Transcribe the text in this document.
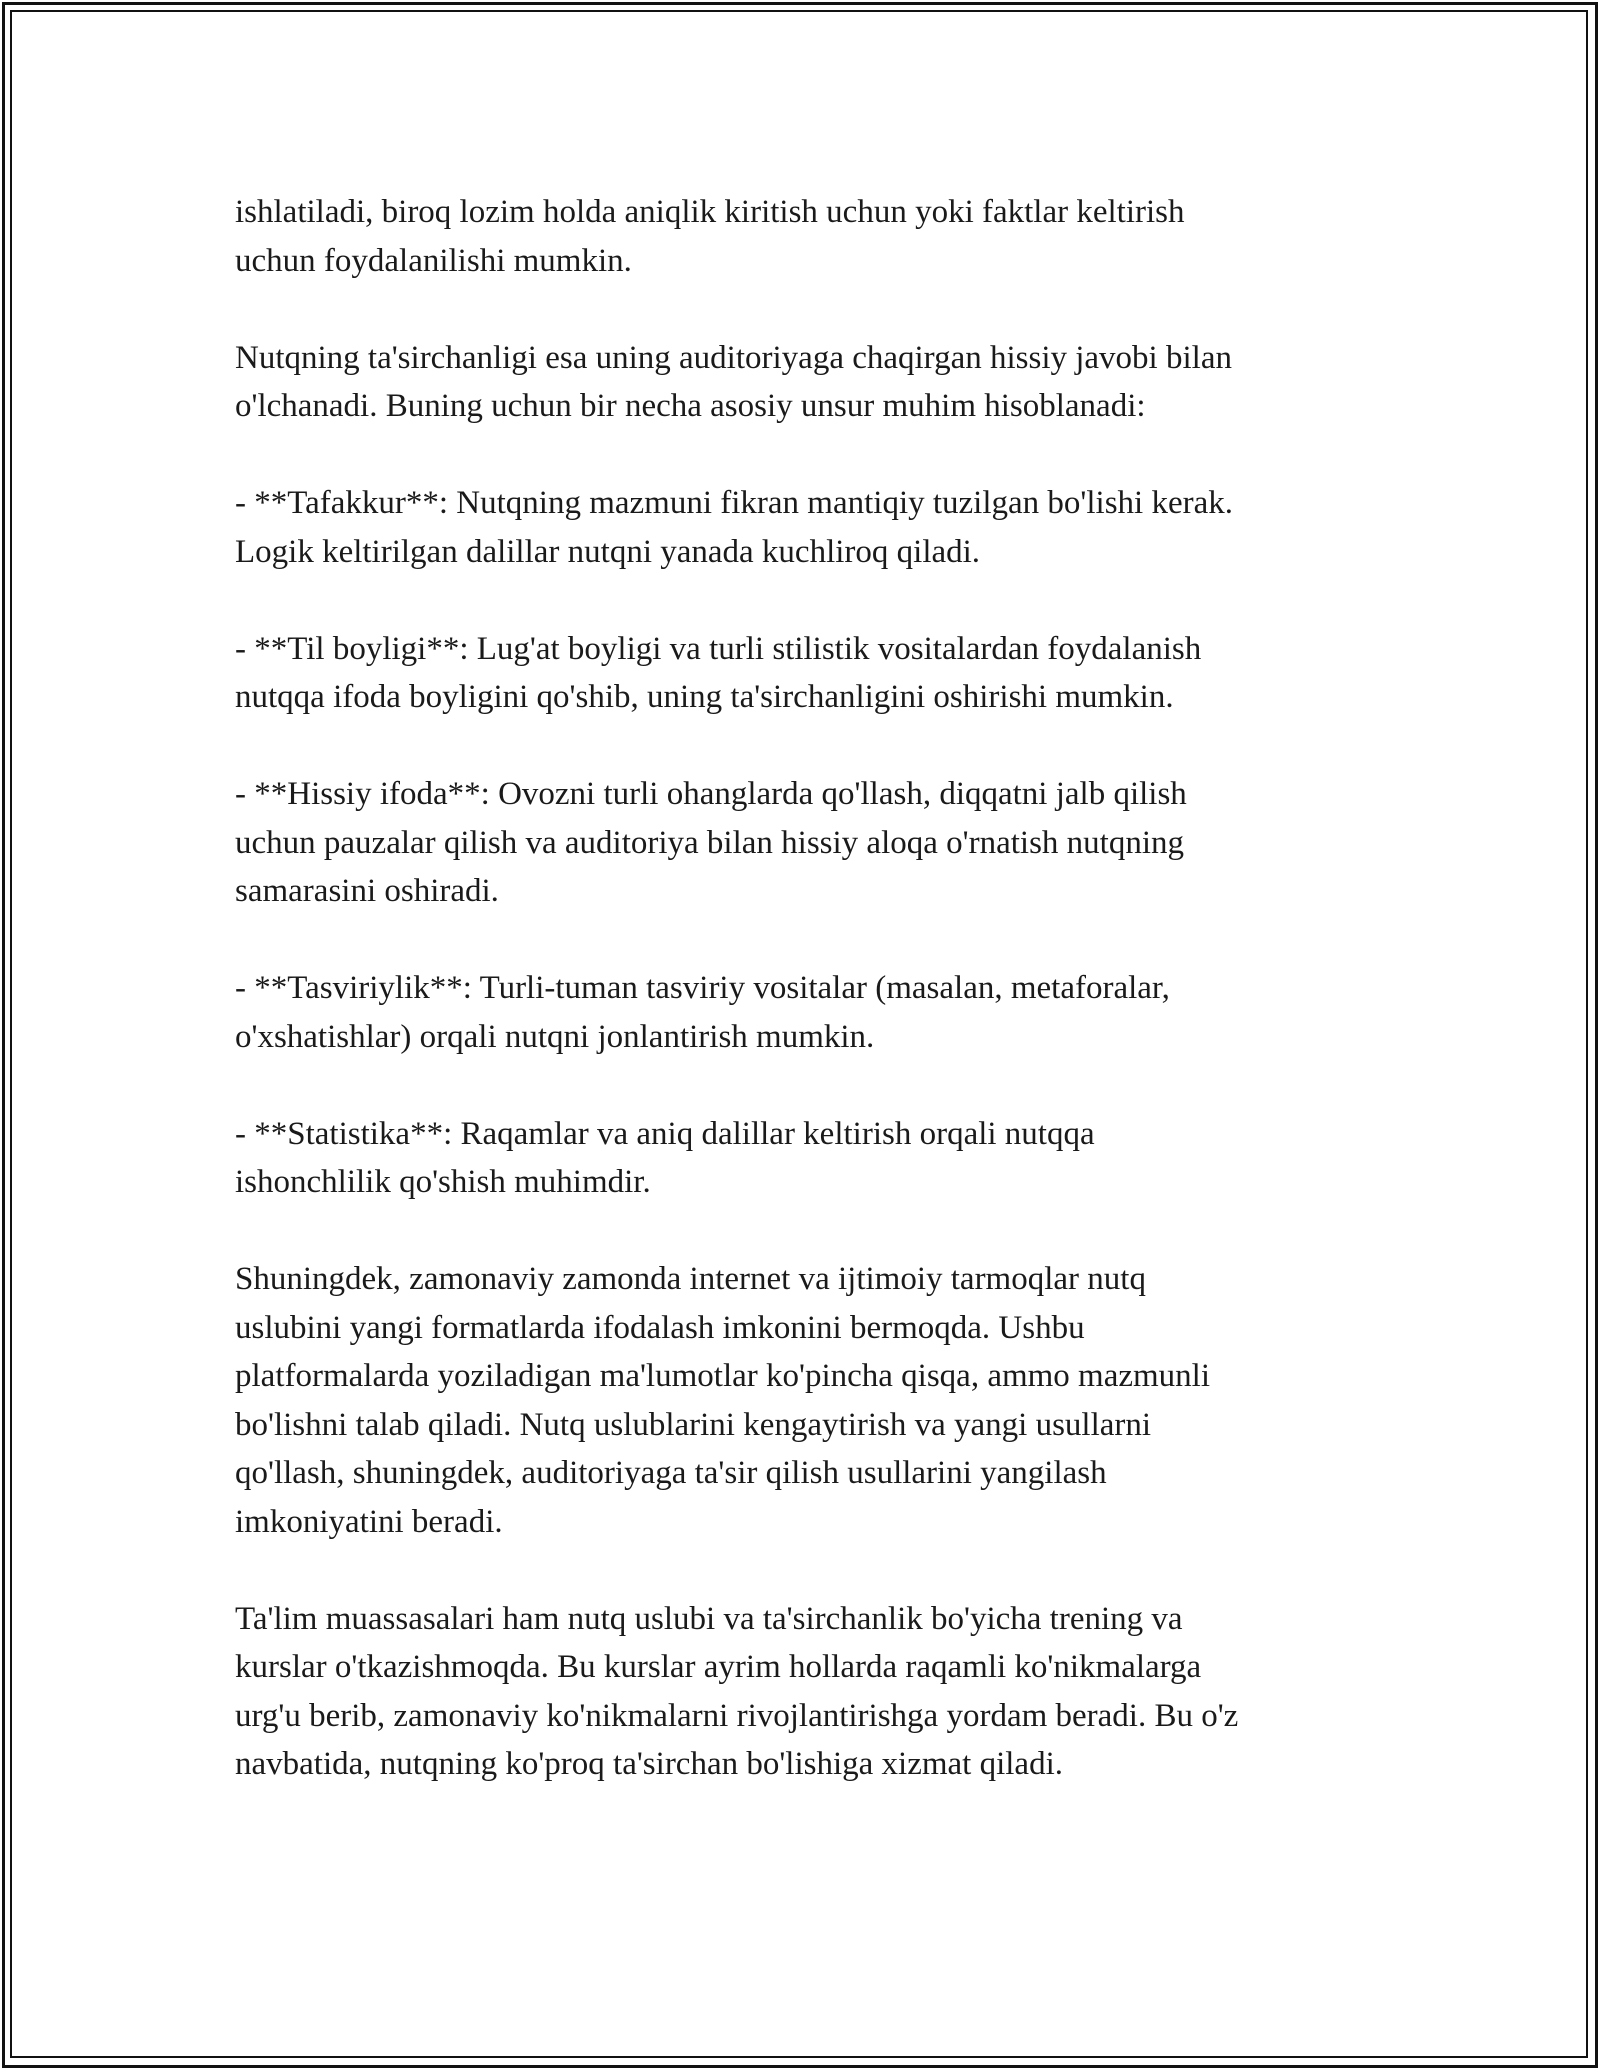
ishlatiladi, biroq lozim holda aniqlik kiritish uchun yoki faktlar keltirish
uchun foydalanilishi mumkin.

Nutqning ta'sirchanligi esa uning auditoriyaga chaqirgan hissiy javobi bilan
o'lchanadi. Buning uchun bir necha asosiy unsur muhim hisoblanadi:

- **Tafakkur**: Nutqning mazmuni fikran mantiqiy tuzilgan bo'lishi kerak.
Logik keltirilgan dalillar nutqni yanada kuchliroq qiladi.

- **Til boyligi**: Lug'at boyligi va turli stilistik vositalardan foydalanish
nutqqa ifoda boyligini qo'shib, uning ta'sirchanligini oshirishi mumkin.

- **Hissiy ifoda**: Ovozni turli ohanglarda qo'llash, diqqatni jalb qilish
uchun pauzalar qilish va auditoriya bilan hissiy aloqa o'rnatish nutqning
samarasini oshiradi.

- **Tasviriylik**: Turli-tuman tasviriy vositalar (masalan, metaforalar,
o'xshatishlar) orqali nutqni jonlantirish mumkin.

- **Statistika**: Raqamlar va aniq dalillar keltirish orqali nutqqa
ishonchlilik qo'shish muhimdir.

Shuningdek, zamonaviy zamonda internet va ijtimoiy tarmoqlar nutq
uslubini yangi formatlarda ifodalash imkonini bermoqda. Ushbu
platformalarda yoziladigan ma'lumotlar ko'pincha qisqa, ammo mazmunli
bo'lishni talab qiladi. Nutq uslublarini kengaytirish va yangi usullarni
qo'llash, shuningdek, auditoriyaga ta'sir qilish usullarini yangilash
imkoniyatini beradi.

Ta'lim muassasalari ham nutq uslubi va ta'sirchanlik bo'yicha trening va
kurslar o'tkazishmoqda. Bu kurslar ayrim hollarda raqamli ko'nikmalarga
urg'u berib, zamonaviy ko'nikmalarni rivojlantirishga yordam beradi. Bu o'z
navbatida, nutqning ko'proq ta'sirchan bo'lishiga xizmat qiladi.
